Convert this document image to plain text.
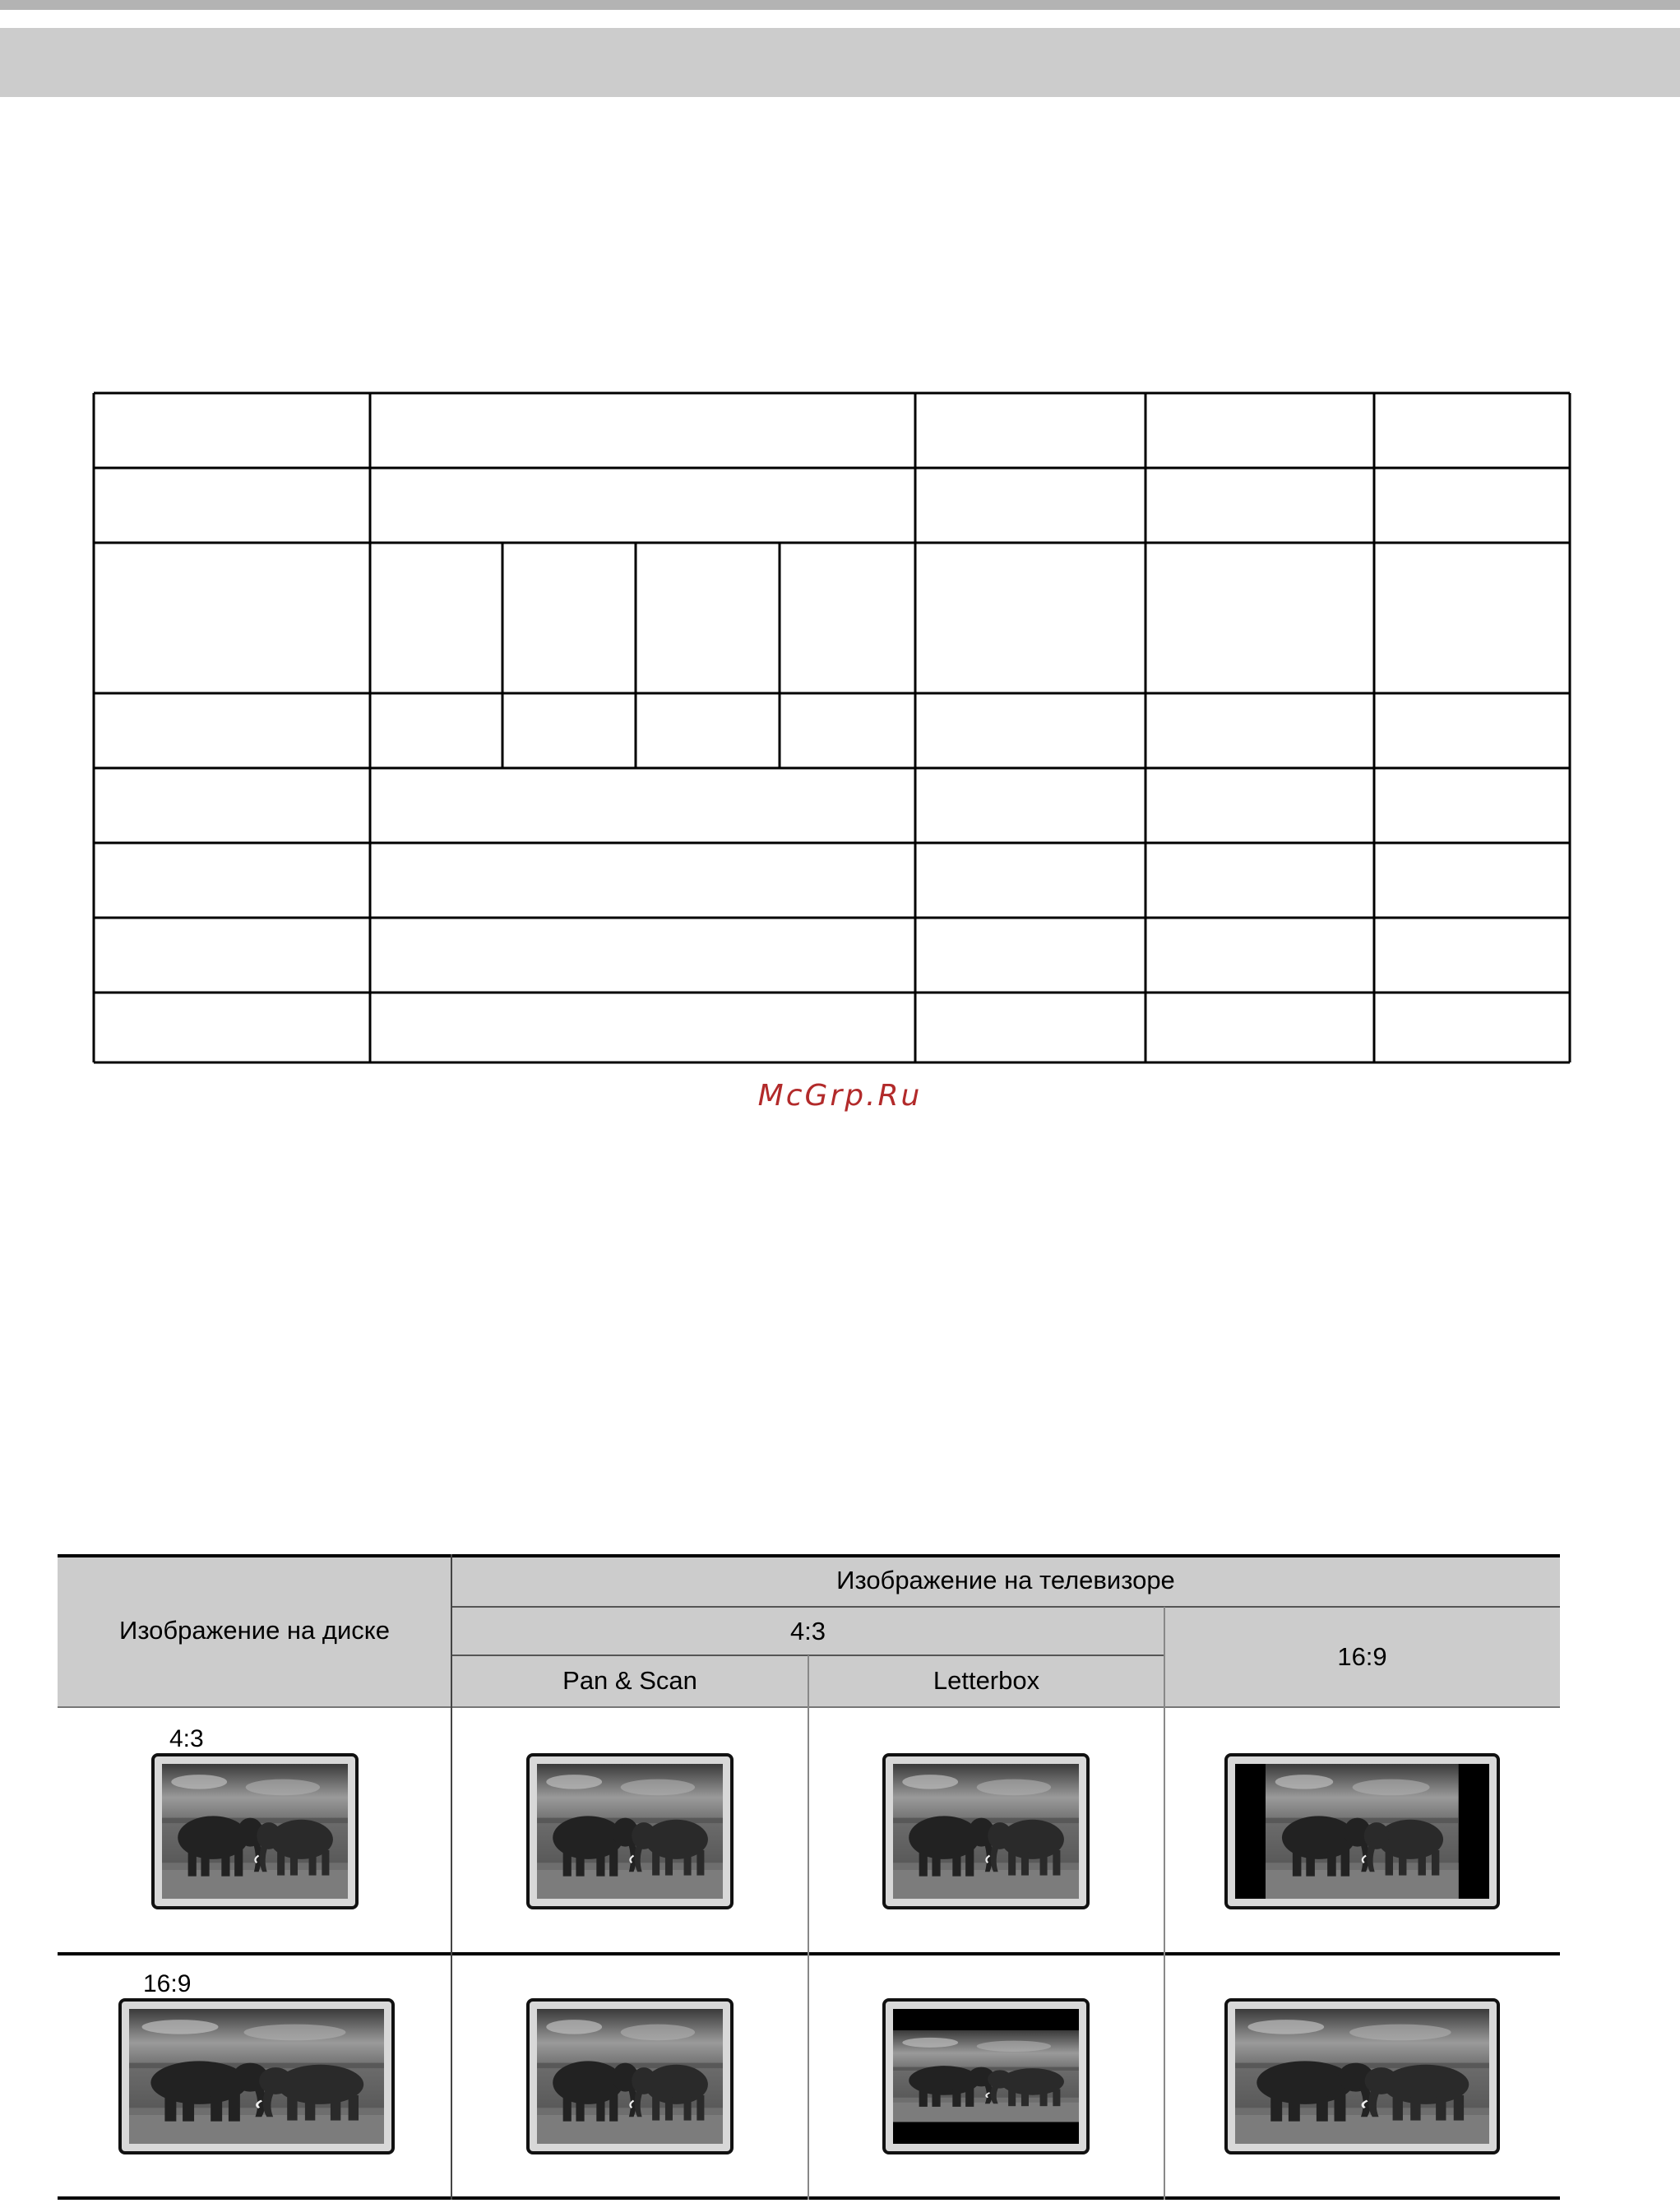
McGrp.Ru
Изображение на диске
Изображение на телевизоре
4:3
16:9
Pan & Scan	Letterbox
4:3
16:9
